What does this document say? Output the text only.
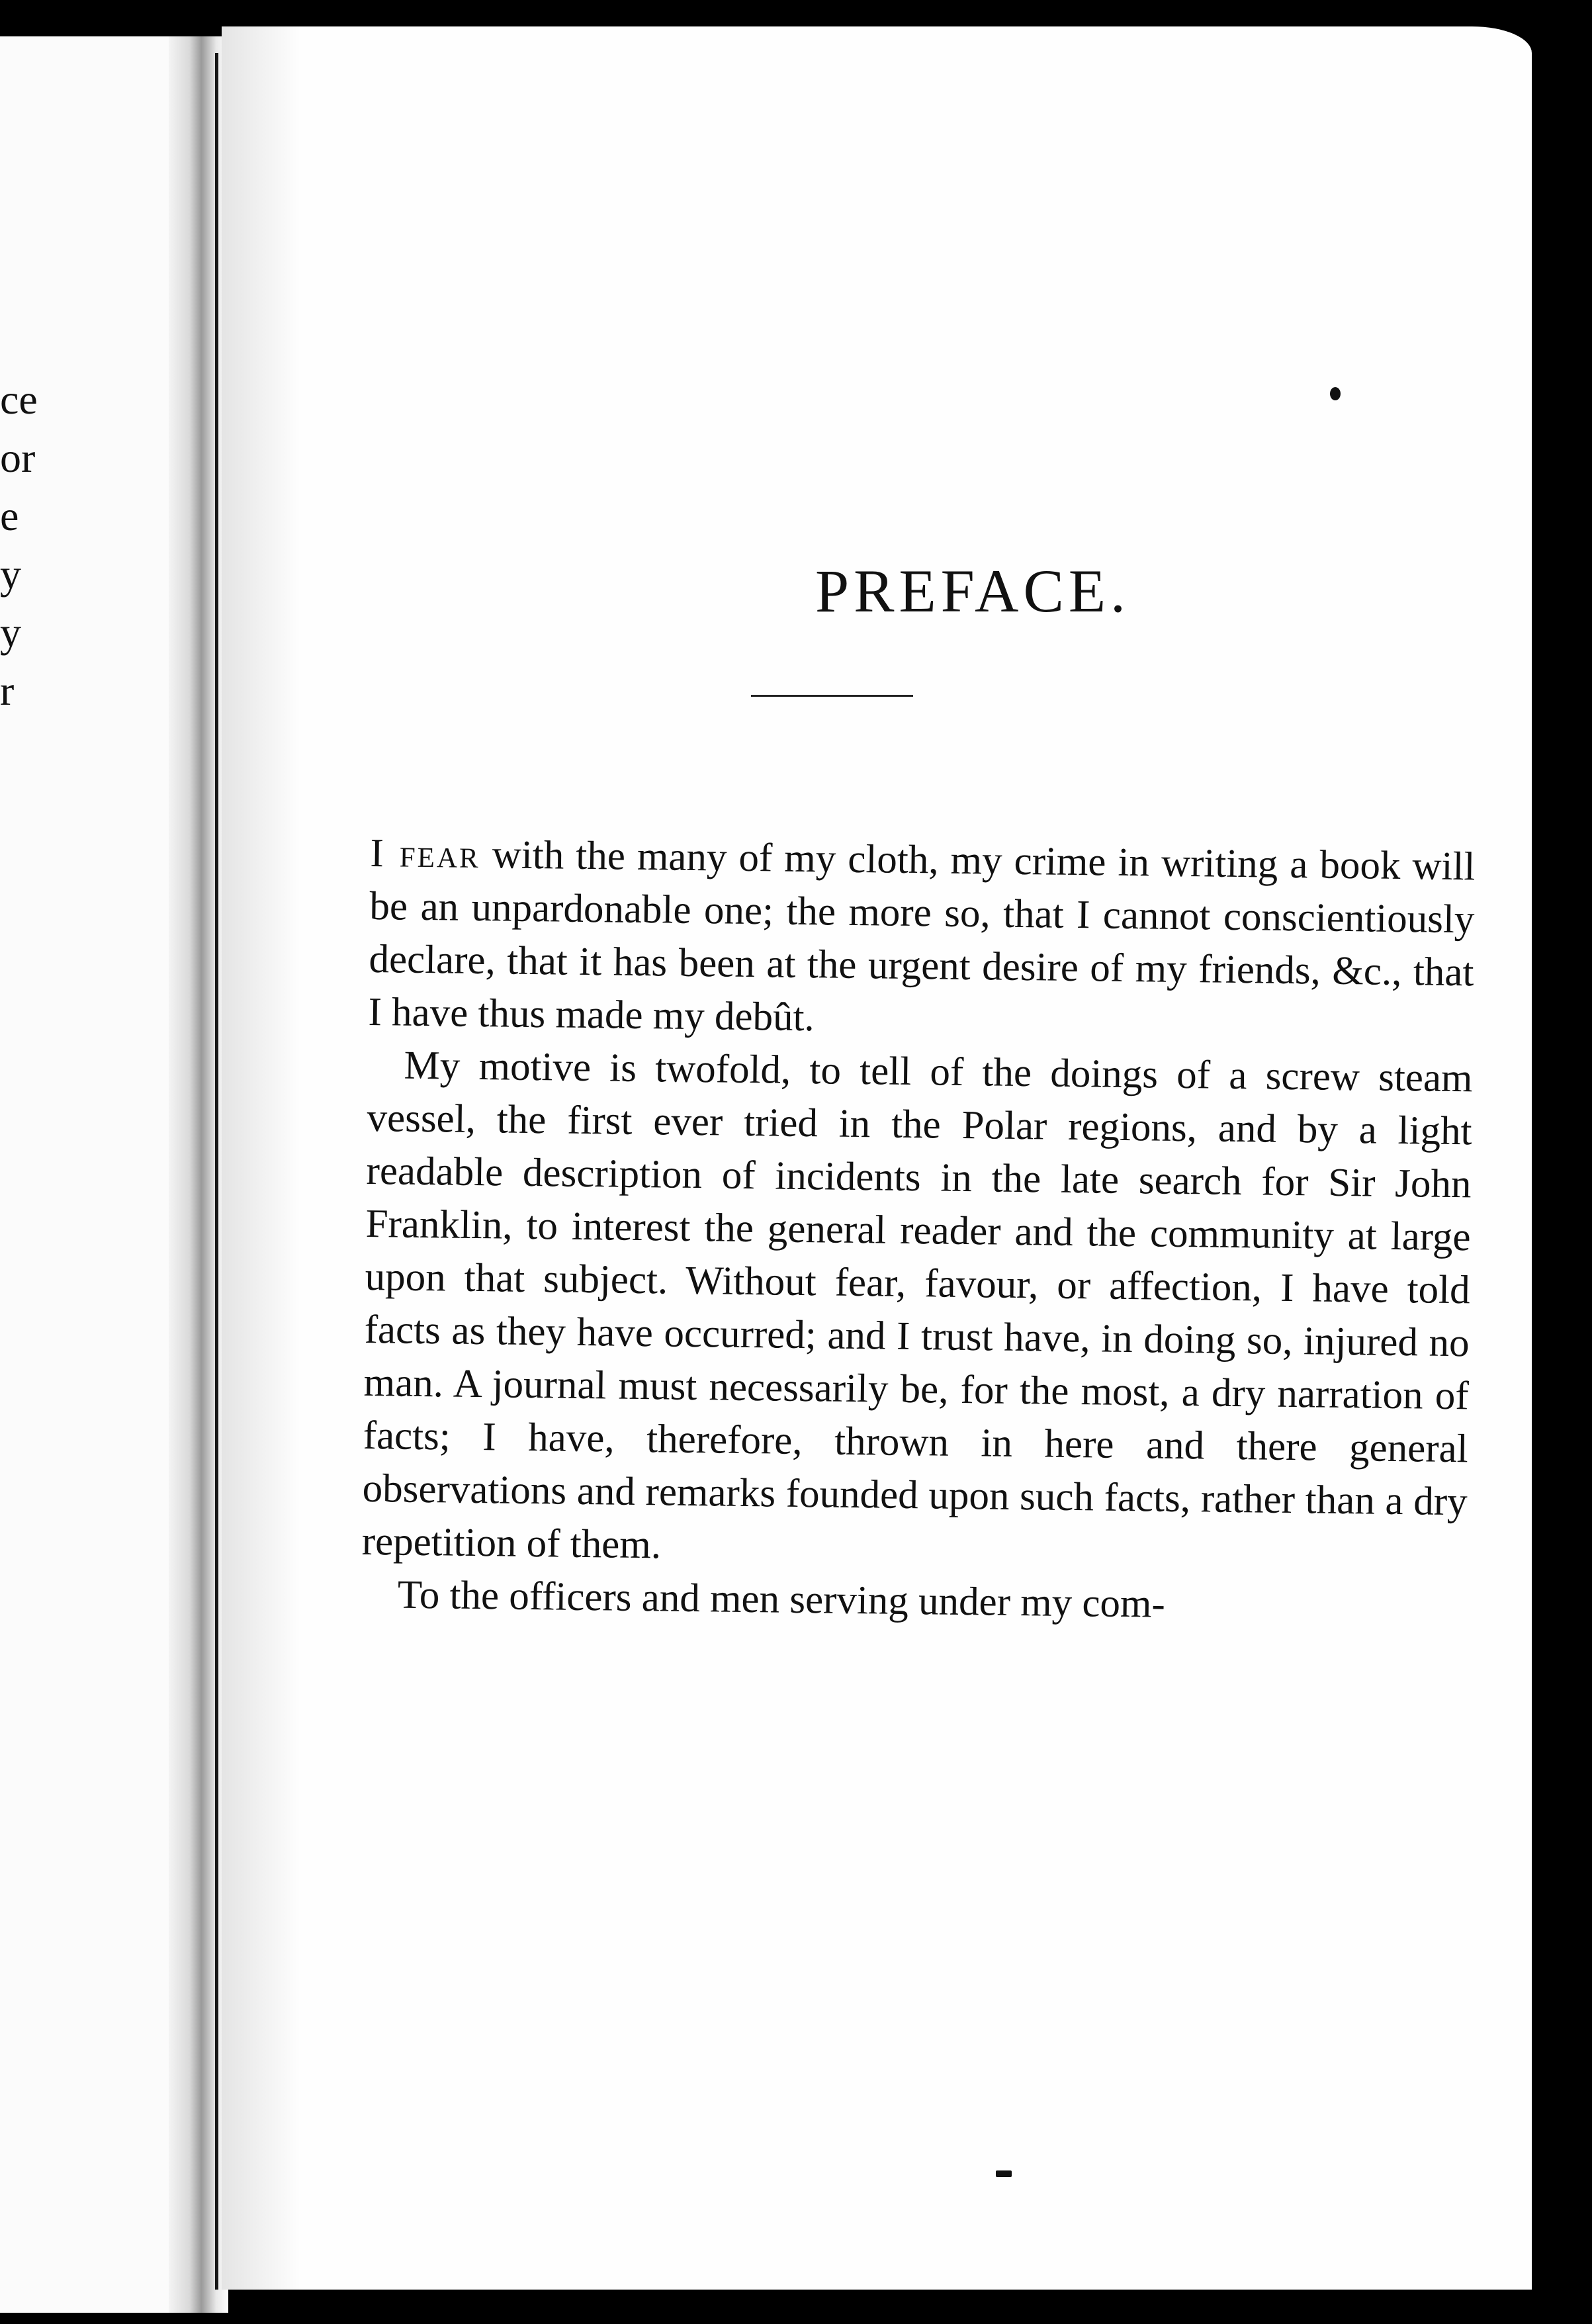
ce
or
e
y
y
r
PREFACE.

I fear with the many of my cloth, my crime in writing a book will be an unpardonable one; the more so, that I cannot conscientiously declare, that it has been at the urgent desire of my friends, &c., that I have thus made my debût.

My motive is twofold, to tell of the doings of a screw steam vessel, the first ever tried in the Polar regions, and by a light readable description of incidents in the late search for Sir John Franklin, to interest the general reader and the community at large upon that subject. Without fear, favour, or affection, I have told facts as they have occurred; and I trust have, in doing so, injured no man. A journal must necessarily be, for the most, a dry narration of facts; I have, therefore, thrown in here and there general observations and remarks founded upon such facts, rather than a dry repetition of them.

To the officers and men serving under my com-
